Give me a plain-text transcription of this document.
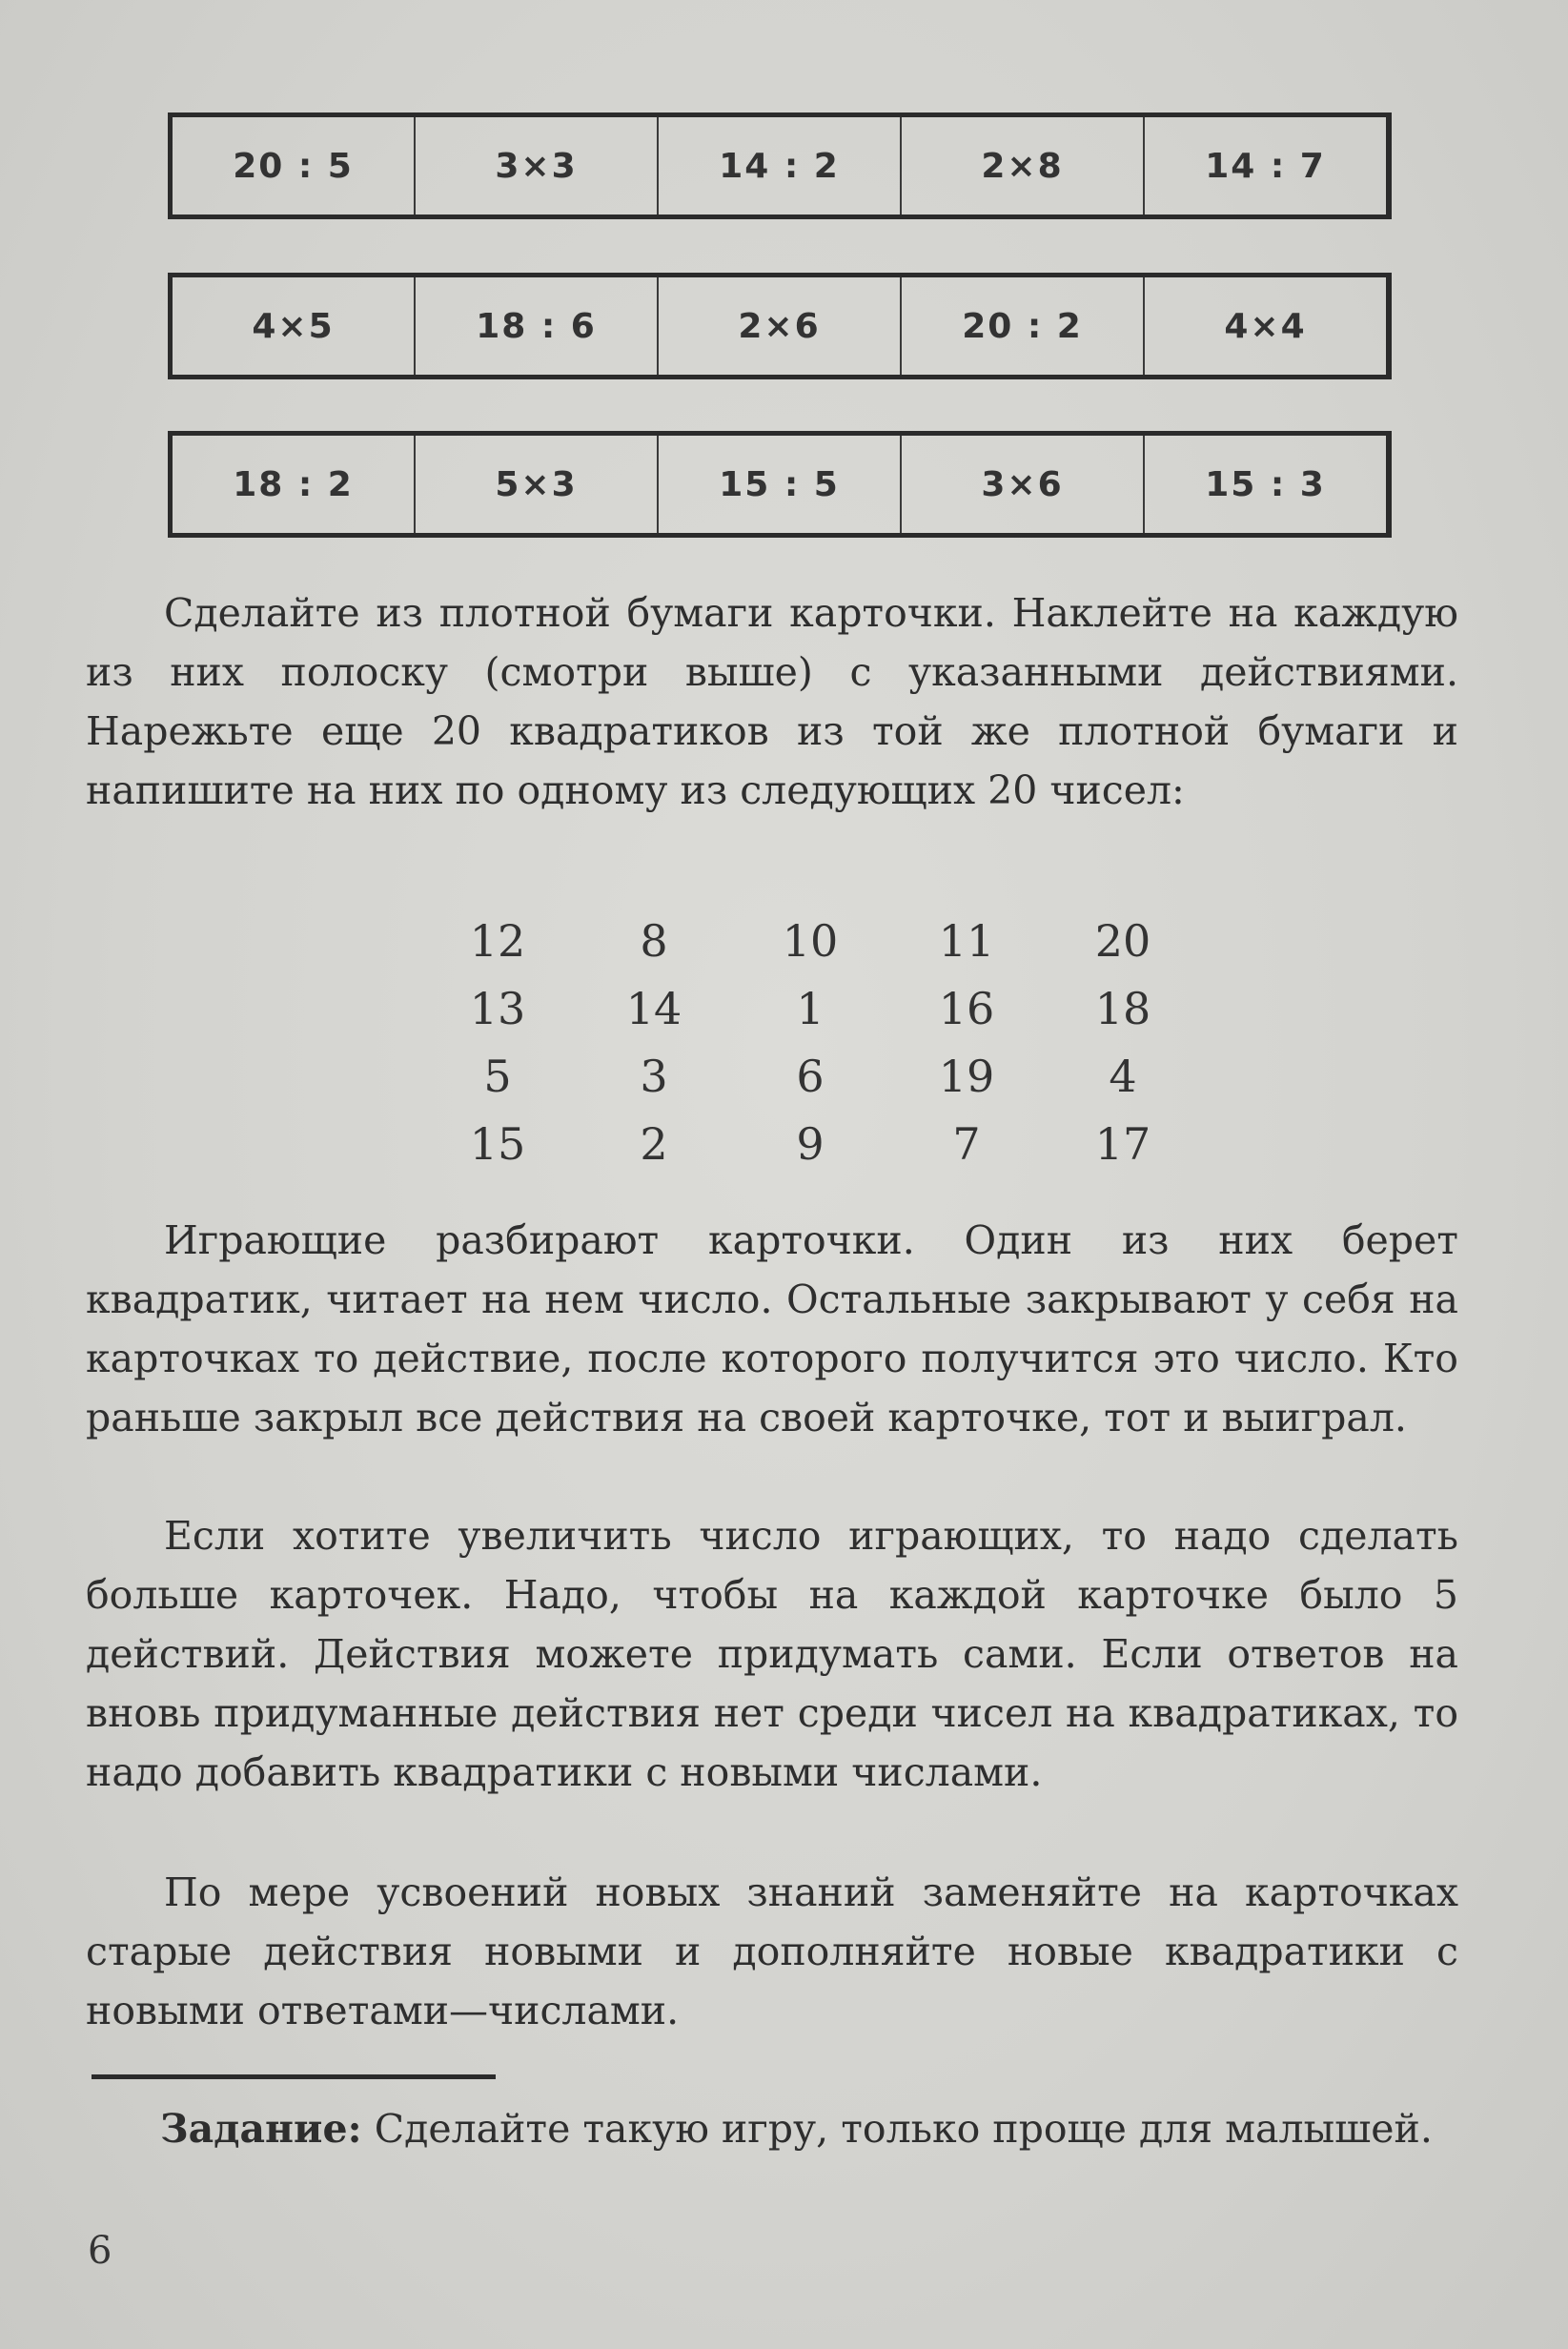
20 : 5	3×3	14 : 2	2×8	14 : 7
4×5	18 : 6	2×6	20 : 2	4×4
18 : 2	5×3	15 : 5	3×6	15 : 3

Сделайте из плотной бумаги карточки. Наклейте на каждую из них полоску (смотри выше) с указанными действиями. Нарежьте еще 20 квадратиков из той же плотной бумаги и напишите на них по одному из следующих 20 чисел:

12	8	10	11	20
13	14	1	16	18
5	3	6	19	4
15	2	9	7	17

Играющие разбирают карточки. Один из них берет квадратик, читает на нем число. Остальные закрывают у себя на карточках то действие, после которого получится это число. Кто раньше закрыл все действия на своей карточке, тот и выиграл.

Если хотите увеличить число играющих, то надо сделать больше карточек. Надо, чтобы на каждой карточке было 5 действий. Действия можете придумать сами. Если ответов на вновь придуманные действия нет среди чисел на квадратиках, то надо добавить квадратики с новыми числами.

По мере усвоений новых знаний заменяйте на карточках старые действия новыми и дополняйте новые квадратики с новыми ответами—числами.

Задание: Сделайте такую игру, только проще для малышей.

6
